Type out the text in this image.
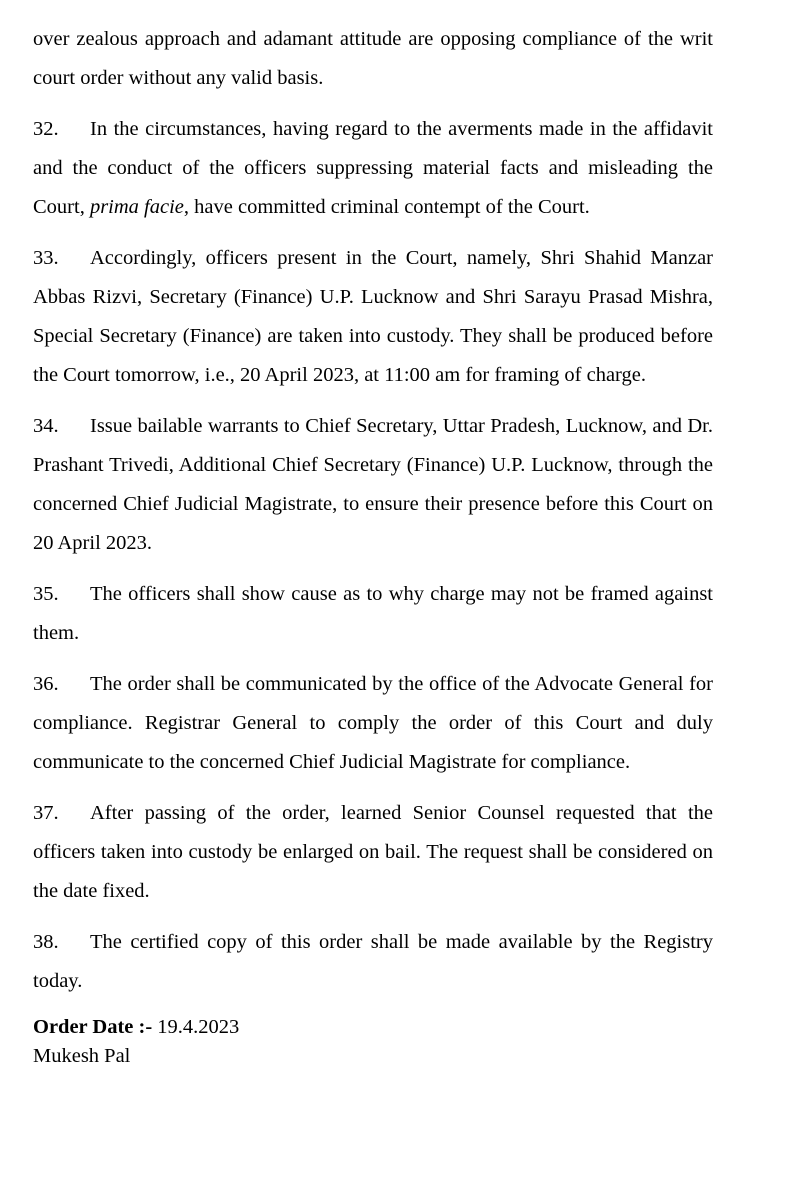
over zealous approach and adamant attitude are opposing compliance of the writ court order without any valid basis.

32. In the circumstances, having regard to the averments made in the affidavit and the conduct of the officers suppressing material facts and misleading the Court, prima facie, have committed criminal contempt of the Court.

33. Accordingly, officers present in the Court, namely, Shri Shahid Manzar Abbas Rizvi, Secretary (Finance) U.P. Lucknow and Shri Sarayu Prasad Mishra, Special Secretary (Finance) are taken into custody. They shall be produced before the Court tomorrow, i.e., 20 April 2023, at 11:00 am for framing of charge.

34. Issue bailable warrants to Chief Secretary, Uttar Pradesh, Lucknow, and Dr. Prashant Trivedi, Additional Chief Secretary (Finance) U.P. Lucknow, through the concerned Chief Judicial Magistrate, to ensure their presence before this Court on 20 April 2023.

35. The officers shall show cause as to why charge may not be framed against them.

36. The order shall be communicated by the office of the Advocate General for compliance. Registrar General to comply the order of this Court and duly communicate to the concerned Chief Judicial Magistrate for compliance.

37. After passing of the order, learned Senior Counsel requested that the officers taken into custody be enlarged on bail. The request shall be considered on the date fixed.

38. The certified copy of this order shall be made available by the Registry today.

Order Date :- 19.4.2023
Mukesh Pal
